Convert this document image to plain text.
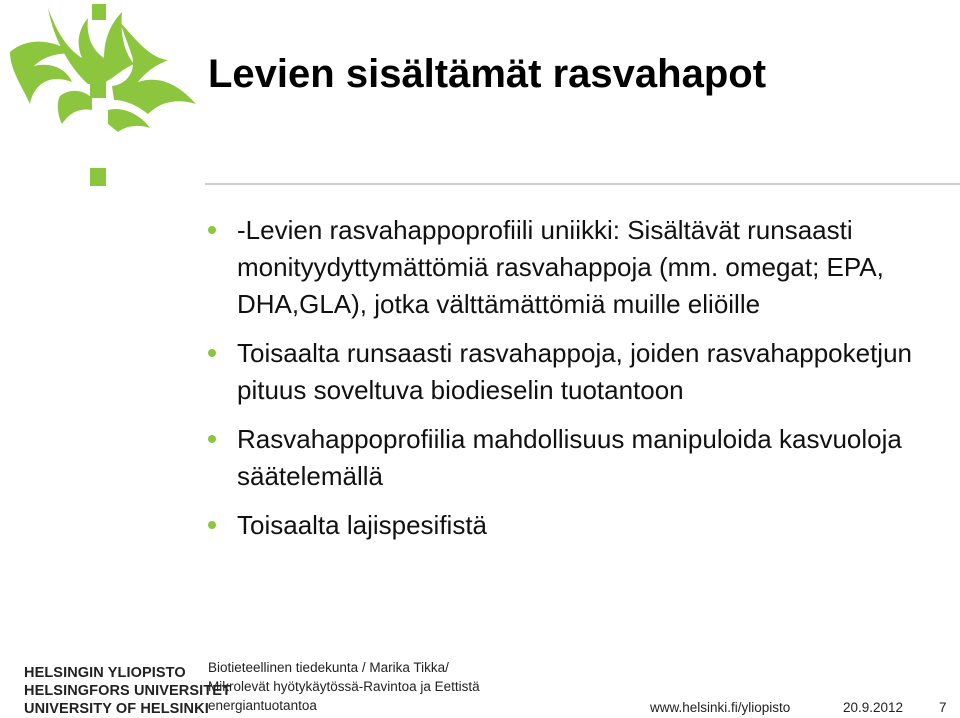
Levien sisältämät rasvahapot
-Levien rasvahappoprofiili uniikki: Sisältävät runsaasti monityydyttymättömiä rasvahappoja (mm. omegat; EPA, DHA,GLA), jotka välttämättömiä muille eliöille
Toisaalta runsaasti rasvahappoja, joiden rasvahappoketjun pituus soveltuva biodieselin tuotantoon
Rasvahappoprofiilia mahdollisuus manipuloida kasvuoloja säätelemällä
Toisaalta lajispesifistä
HELSINGIN YLIOPISTO
HELSINGFORS UNIVERSITET
UNIVERSITY OF HELSINKI
Biotieteellinen tiedekunta / Marika Tikka/
Mikrolevät hyötykäytössä-Ravintoa ja Eettistä
energiantuotantoa	www.helsinki.fi/yliopisto	20.9.2012	7
